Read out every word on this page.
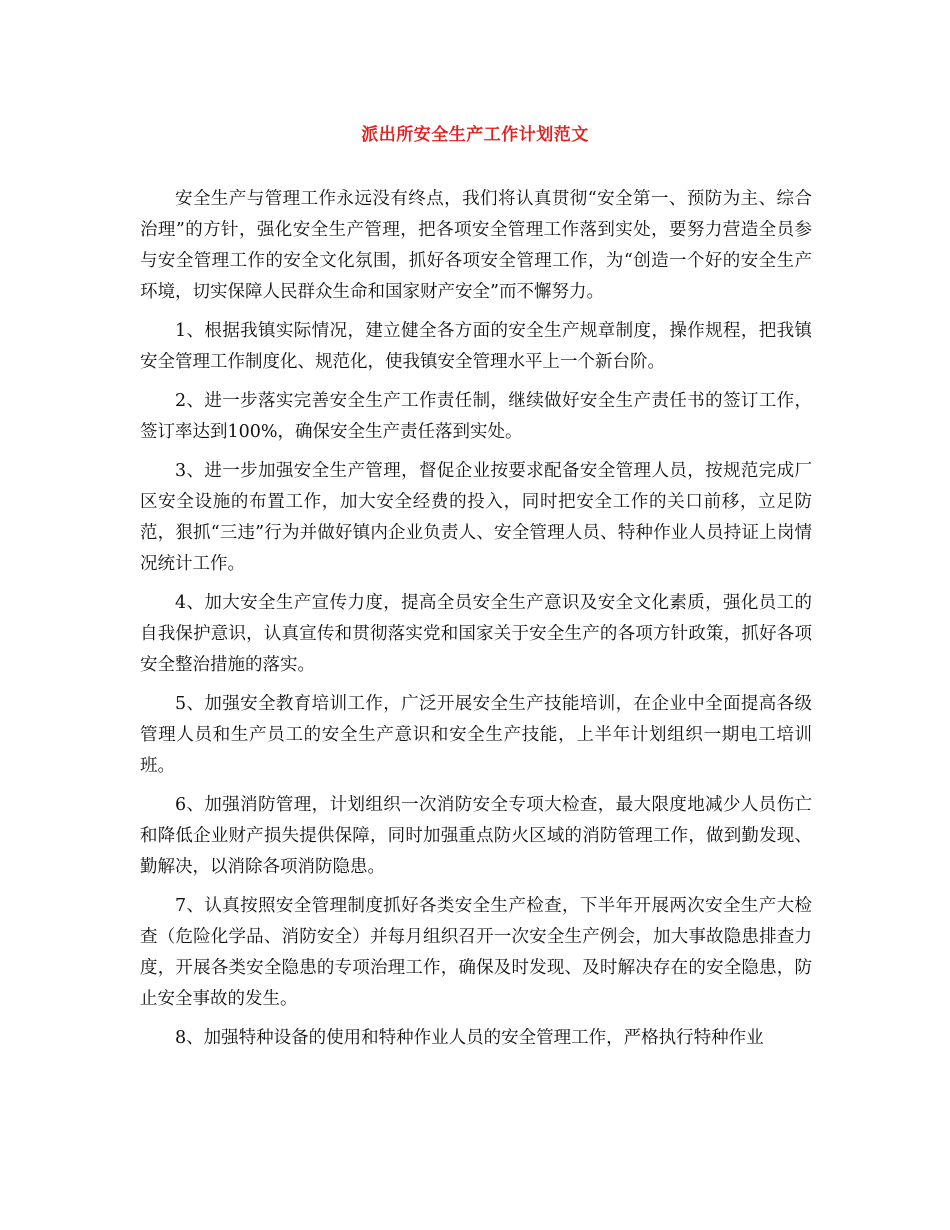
派出所安全生产工作计划范文

安全生产与管理工作永远没有终点，我们将认真贯彻“安全第一、预防为主、综合治理”的方针，强化安全生产管理，把各项安全管理工作落到实处，要努力营造全员参与安全管理工作的安全文化氛围，抓好各项安全管理工作，为“创造一个好的安全生产环境，切实保障人民群众生命和国家财产安全”而不懈努力。

1、根据我镇实际情况，建立健全各方面的安全生产规章制度，操作规程，把我镇安全管理工作制度化、规范化，使我镇安全管理水平上一个新台阶。

2、进一步落实完善安全生产工作责任制，继续做好安全生产责任书的签订工作，签订率达到100%，确保安全生产责任落到实处。

3、进一步加强安全生产管理，督促企业按要求配备安全管理人员，按规范完成厂区安全设施的布置工作，加大安全经费的投入，同时把安全工作的关口前移，立足防范，狠抓“三违”行为并做好镇内企业负责人、安全管理人员、特种作业人员持证上岗情况统计工作。

4、加大安全生产宣传力度，提高全员安全生产意识及安全文化素质，强化员工的自我保护意识，认真宣传和贯彻落实党和国家关于安全生产的各项方针政策，抓好各项安全整治措施的落实。

5、加强安全教育培训工作，广泛开展安全生产技能培训，在企业中全面提高各级管理人员和生产员工的安全生产意识和安全生产技能，上半年计划组织一期电工培训班。

6、加强消防管理，计划组织一次消防安全专项大检查，最大限度地减少人员伤亡和降低企业财产损失提供保障，同时加强重点防火区域的消防管理工作，做到勤发现、勤解决，以消除各项消防隐患。

7、认真按照安全管理制度抓好各类安全生产检查，下半年开展两次安全生产大检查（危险化学品、消防安全）并每月组织召开一次安全生产例会，加大事故隐患排查力度，开展各类安全隐患的专项治理工作，确保及时发现、及时解决存在的安全隐患，防止安全事故的发生。

8、加强特种设备的使用和特种作业人员的安全管理工作，严格执行特种作业
